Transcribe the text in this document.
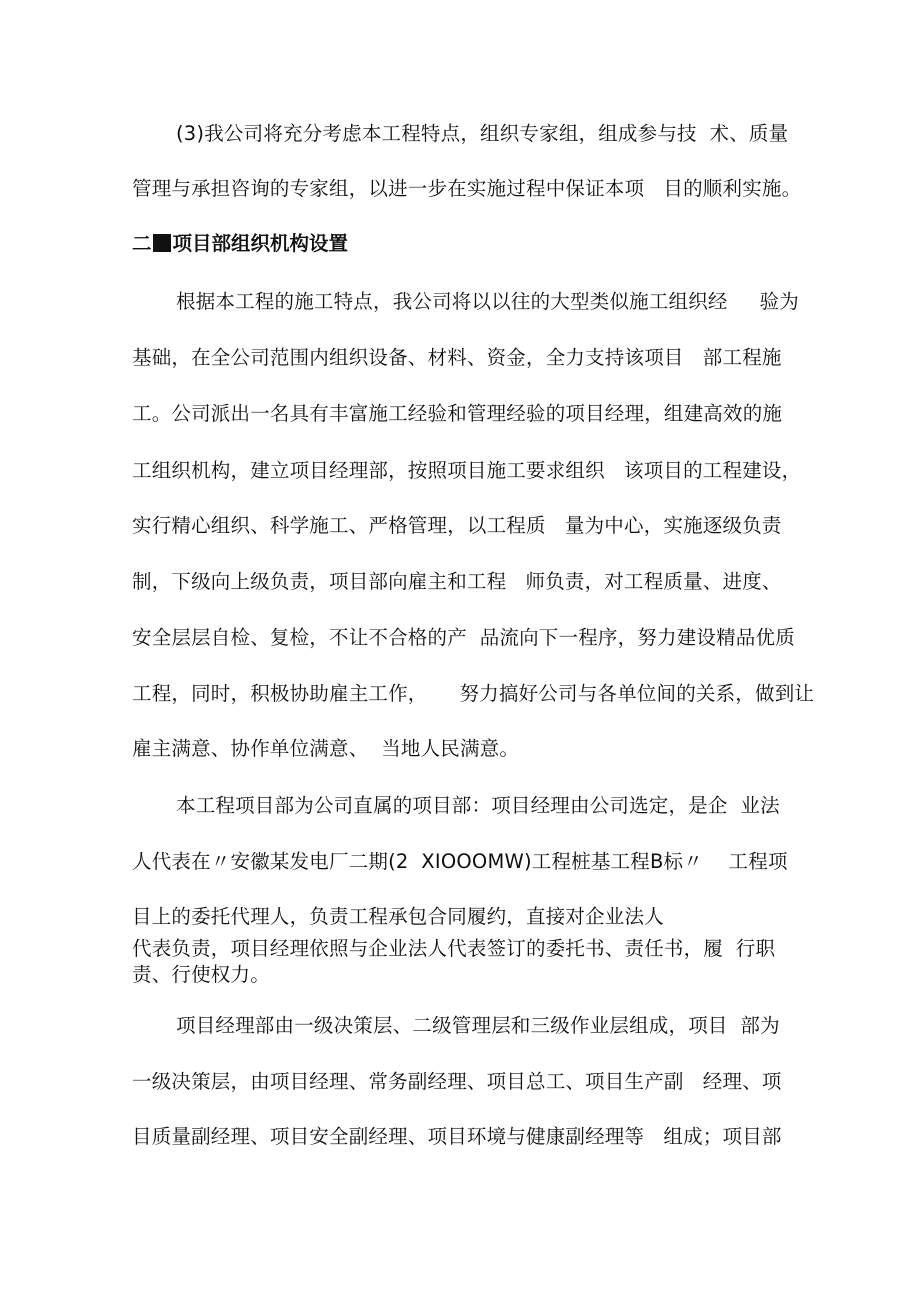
(3)我公司将充分考虑本工程特点，组织专家组，组成参与技  术、质量
管理与承担咨询的专家组，以进一步在实施过程中保证本项   目的顺利实施。
二 项目部组织机构设置
根据本工程的施工特点，我公司将以以往的大型类似施工组织经     验为
基础，在全公司范围内组织设备、材料、资金，全力支持该项目   部工程施
工。公司派出一名具有丰富施工经验和管理经验的项目经理，组建高效的施
工组织机构，建立项目经理部，按照项目施工要求组织   该项目的工程建设，
实行精心组织、科学施工、严格管理，以工程质   量为中心，实施逐级负责
制，下级向上级负责，项目部向雇主和工程   师负责，对工程质量、进度、
安全层层自检、复检，不让不合格的产  品流向下一程序，努力建设精品优质
工程，同时，积极协助雇主工作，     努力搞好公司与各单位间的关系，做到让
雇主满意、协作单位满意、  当地人民满意。
本工程项目部为公司直属的项目部：项目经理由公司选定，是企  业法
人代表在〃安徽某发电厂二期(2  XIOOOMW)工程桩基工程B标〃    工程项
目上的委托代理人，负责工程承包合同履约，直接对企业法人
代表负责，项目经理依照与企业法人代表签订的委托书、责任书，履  行职
责、行使权力。
项目经理部由一级决策层、二级管理层和三级作业层组成，项目  部为
一级决策层，由项目经理、常务副经理、项目总工、项目生产副   经理、项
目质量副经理、项目安全副经理、项目环境与健康副经理等   组成；项目部
